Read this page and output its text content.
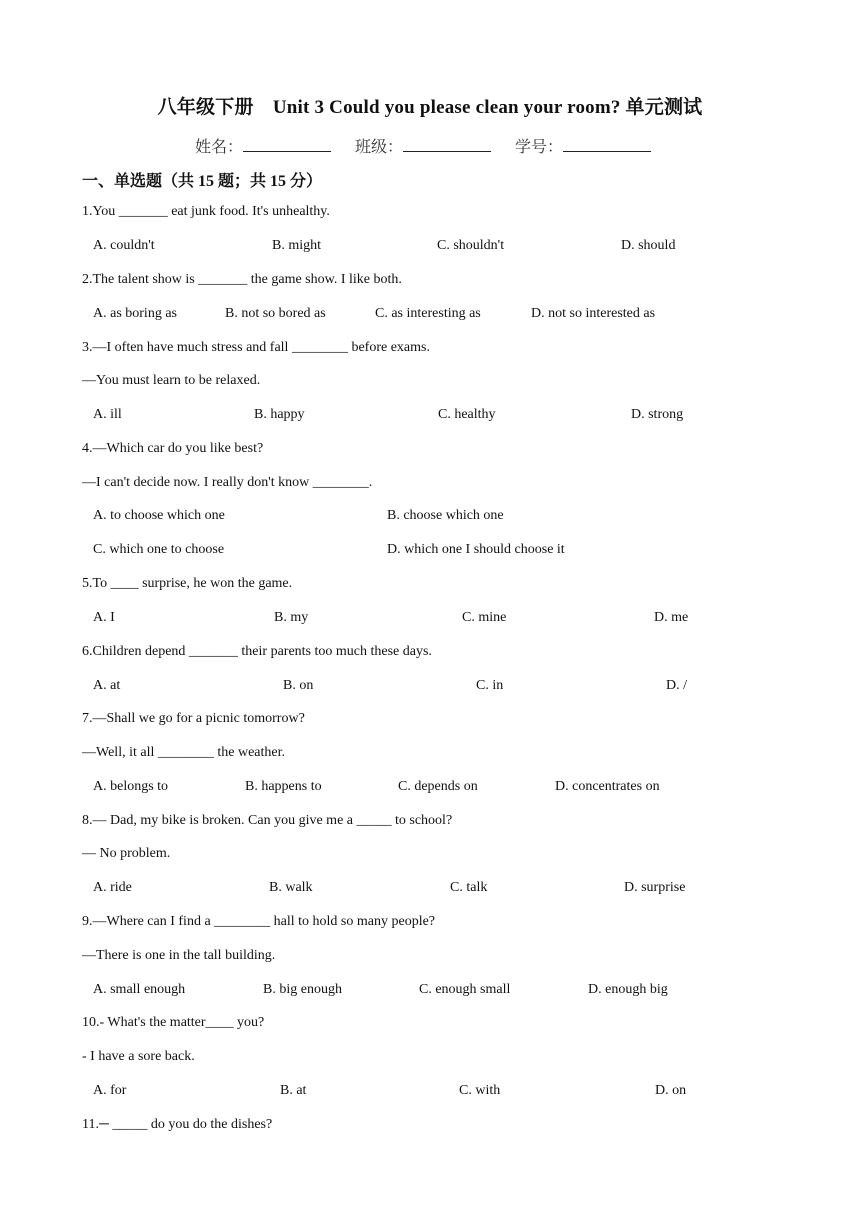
八年级下册　Unit 3 Could you please clean your room? 单元测试
姓名：	班级：	学号：
一、单选题（共 15 题；共 15 分）
1.You _______ eat junk food. It's unhealthy.
A. couldn't	B. might	C. shouldn't	D. should
2.The talent show is _______ the game show. I like both.
A. as boring as	B. not so bored as	C. as interesting as	D. not so interested as
3.—I often have much stress and fall ________ before exams.
—You must learn to be relaxed.
A. ill	B. happy	C. healthy	D. strong
4.—Which car do you like best?
—I can't decide now. I really don't know ________.
A. to choose which one	B. choose which one
C. which one to choose	D. which one I should choose it
5.To ____ surprise, he won the game.
A. I	B. my	C. mine	D. me
6.Children depend _______ their parents too much these days.
A. at	B. on	C. in	D. /
7.—Shall we go for a picnic tomorrow?
—Well, it all ________ the weather.
A. belongs to	B. happens to	C. depends on	D. concentrates on
8.— Dad, my bike is broken. Can you give me a _____ to school?
— No problem.
A. ride	B. walk	C. talk	D. surprise
9.—Where can I find a ________ hall to hold so many people?
—There is one in the tall building.
A. small enough	B. big enough	C. enough small	D. enough big
10.- What's the matter____ you?
- I have a sore back.
A. for	B. at	C. with	D. on
11.─ _____ do you do the dishes?
